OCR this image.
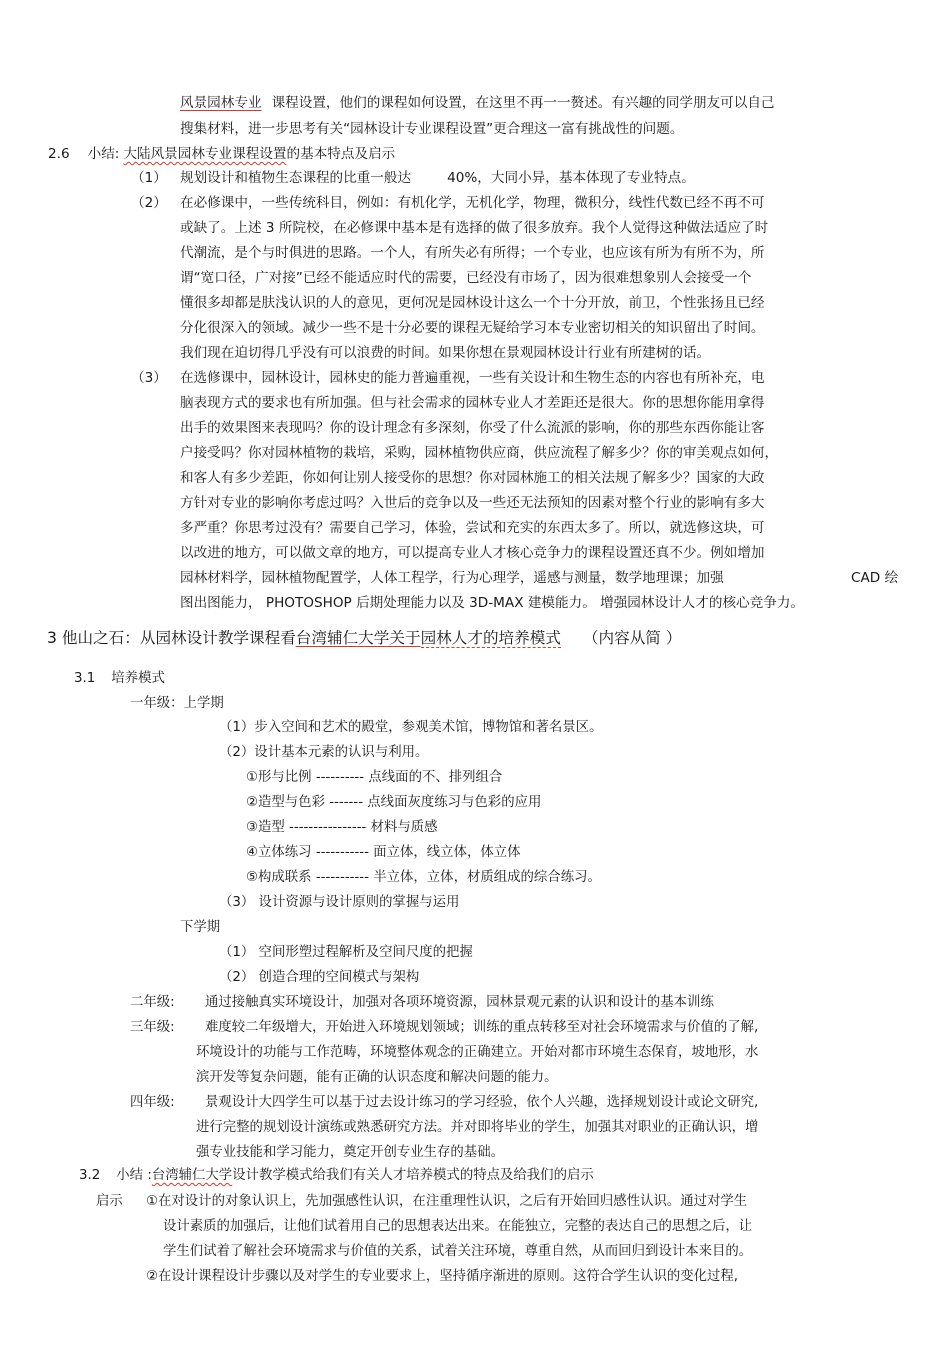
风景园林专业 课程设置，他们的课程如何设置，在这里不再一一赘述。有兴趣的同学朋友可以自己
搜集材料，进一步思考有关“园林设计专业课程设置”更合理这一富有挑战性的问题。
2.6 小结: 大陆风景园林专业课程设置的基本特点及启示
（1） 规划设计和植物生态课程的比重一般达	40%，大同小异，基本体现了专业特点。
（2） 在必修课中，一些传统科目，例如：有机化学，无机化学，物理，微积分，线性代数已经不再不可
或缺了。上述 3 所院校，在必修课中基本是有选择的做了很多放弃。我个人觉得这种做法适应了时
代潮流，是个与时俱进的思路。一个人，有所失必有所得；一个专业，也应该有所为有所不为，所
谓“宽口径，广对接”已经不能适应时代的需要，已经没有市场了，因为很难想象别人会接受一个
懂很多却都是肤浅认识的人的意见，更何况是园林设计这么一个十分开放，前卫，个性张扬且已经
分化很深入的领域。减少一些不是十分必要的课程无疑给学习本专业密切相关的知识留出了时间。
我们现在迫切得几乎没有可以浪费的时间。如果你想在景观园林设计行业有所建树的话。
（3） 在选修课中，园林设计，园林史的能力普遍重视，一些有关设计和生物生态的内容也有所补充，电
脑表现方式的要求也有所加强。但与社会需求的园林专业人才差距还是很大。你的思想你能用拿得
出手的效果图来表现吗？你的设计理念有多深刻，你受了什么流派的影响，你的那些东西你能让客
户接受吗？你对园林植物的栽培，采购，园林植物供应商，供应流程了解多少？你的审美观点如何，
和客人有多少差距，你如何让别人接受你的思想？你对园林施工的相关法规了解多少？国家的大政
方针对专业的影响你考虑过吗？入世后的竞争以及一些还无法预知的因素对整个行业的影响有多大
多严重？你思考过没有？需要自己学习，体验，尝试和充实的东西太多了。所以，就选修这块，可
以改进的地方，可以做文章的地方，可以提高专业人才核心竞争力的课程设置还真不少。例如增加
园林材料学，园林植物配置学，人体工程学，行为心理学，遥感与测量，数学地理课；加强	CAD 绘
图出图能力， PHOTOSHOP 后期处理能力以及 3D-MAX 建模能力。 增强园林设计人才的核心竞争力。
3 他山之石：从园林设计教学课程看台湾辅仁大学关于园林人才的培养模式 （内容从简 ）
3.1 培养模式
一年级：上学期
（1）步入空间和艺术的殿堂，参观美术馆，博物馆和著名景区。
（2）设计基本元素的认识与利用。
①形与比例 ---------- 点线面的不、排列组合
②造型与色彩 ------- 点线面灰度练习与色彩的应用
③造型 ---------------- 材料与质感
④立体练习 ----------- 面立体，线立体，体立体
⑤构成联系 ----------- 半立体，立体，材质组成的综合练习。
（3） 设计资源与设计原则的掌握与运用
下学期
（1） 空间形塑过程解析及空间尺度的把握
（2） 创造合理的空间模式与架构
二年级: 通过接触真实环境设计，加强对各项环境资源，园林景观元素的认识和设计的基本训练
三年级: 难度较二年级增大，开始进入环境规划领域；训练的重点转移至对社会环境需求与价值的了解,
环境设计的功能与工作范畴，环境整体观念的正确建立。开始对都市环境生态保育，坡地形，水
滨开发等复杂问题，能有正确的认识态度和解决问题的能力。
四年级: 景观设计大四学生可以基于过去设计练习的学习经验，依个人兴趣，选择规划设计或论文研究,
进行完整的规划设计演练或熟悉研究方法。并对即将毕业的学生，加强其对职业的正确认识，增
强专业技能和学习能力，奠定开创专业生存的基础。
3.2 小结 :台湾辅仁大学设计教学模式给我们有关人才培养模式的特点及给我们的启示
启示 ①在对设计的对象认识上，先加强感性认识，在注重理性认识，之后有开始回归感性认识。通过对学生
设计素质的加强后，让他们试着用自己的思想表达出来。在能独立，完整的表达自己的思想之后，让
学生们试着了解社会环境需求与价值的关系，试着关注环境，尊重自然，从而回归到设计本来目的。
②在设计课程设计步骤以及对学生的专业要求上，坚持循序渐进的原则。这符合学生认识的变化过程,
